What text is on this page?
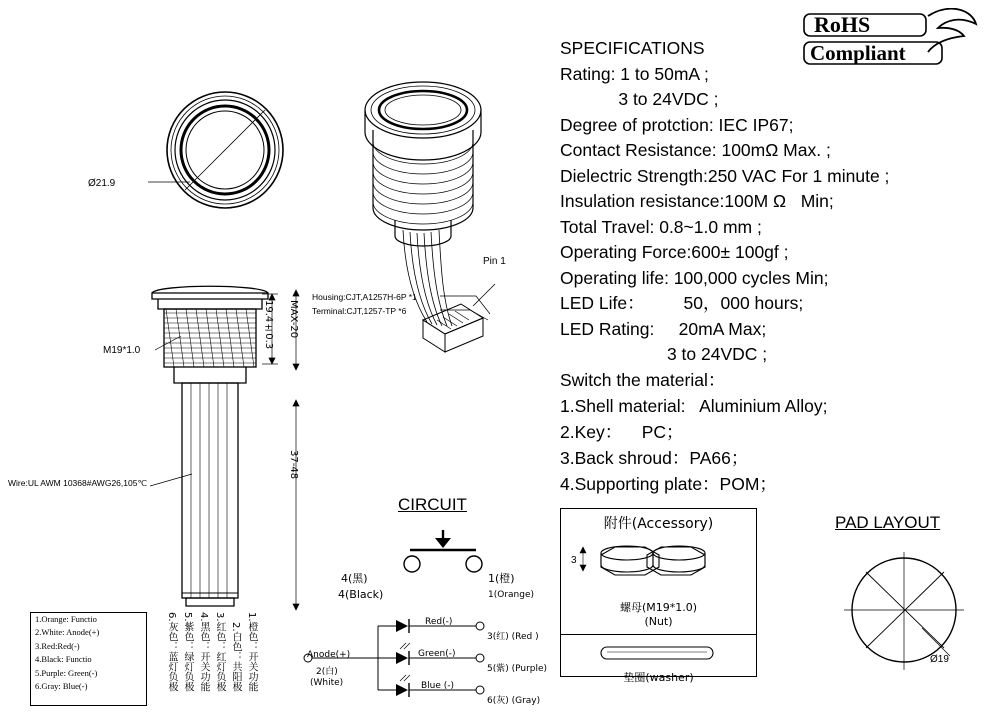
RoHS
Compliant
SPECIFICATIONS
Rating: 1 to 50mA ;
3 to 24VDC ;
Degree of protction: IEC IP67;
Contact Resistance: 100mΩ Max. ;
Dielectric Strength:250 VAC For 1 minute ;
Insulation resistance:100M Ω   Min;
Total Travel: 0.8~1.0 mm ;
Operating Force:600± 100gf ;
Operating life: 100,000 cycles Min;
LED Life：        50，000 hours;
LED Rating:     20mA Max;
3 to 24VDC ;
Switch the material：
1.Shell material:   Aluminium Alloy;
2.Key：    PC；
3.Back shroud：PA66；
4.Supporting plate：POM；
Ø21.9
Pin 1
Housing:CJT,A1257H-6P *1
Terminal:CJT,1257-TP *6
M19*1.0
Wire:UL AWM 10368#AWG26,105℃
19.4±0.3 MAX-20
37-48
1.Orange: Functio
2.White: Anode(+)
3.Red:Red(-)
4.Black: Functio
5.Purple: Green(-)
6.Gray: Blue(-)	6.灰色：蓝灯负极 5.紫色：绿灯负极 4.黑色：开关功能 3.红色：红灯负极 2.白色：共阳极 1.橙色：开关功能
CIRCUIT
4(黑)	1(橙)
4(Black)	1(Orange)
Anode(+)
2(白)
(White)
Red(-)
Green(-)
Blue (-)
3(红) (Red )
5(紫) (Purple)
6(灰) (Gray)
附件(Accessory)
3
螺母(M19*1.0)
(Nut)
垫圈(washer)
PAD LAYOUT
Ø19
